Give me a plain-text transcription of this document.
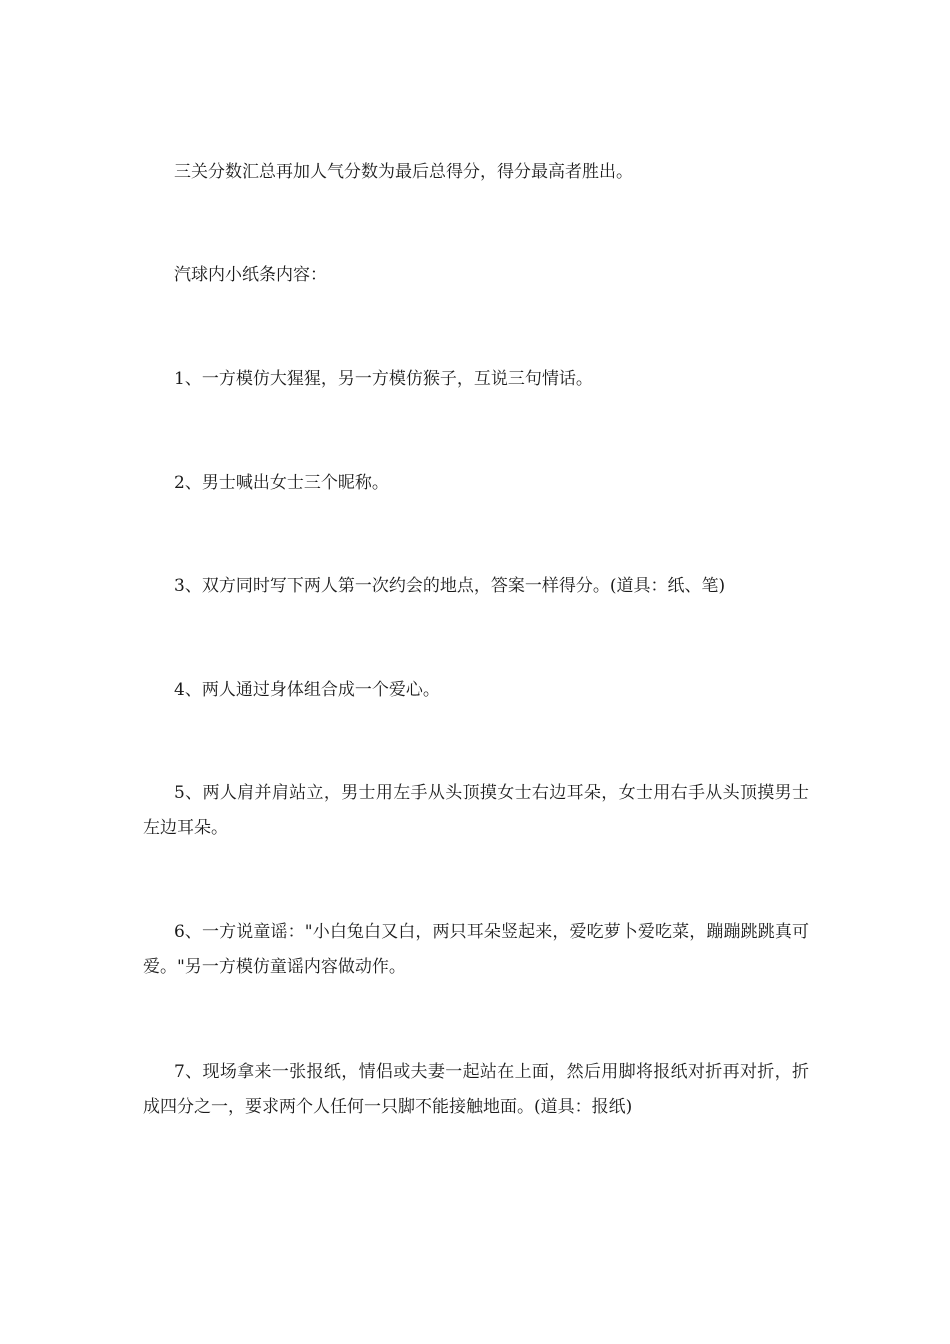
三关分数汇总再加人气分数为最后总得分，得分最高者胜出。

汽球内小纸条内容：

1、一方模仿大猩猩，另一方模仿猴子，互说三句情话。

2、男士喊出女士三个昵称。

3、双方同时写下两人第一次约会的地点，答案一样得分。(道具：纸、笔)

4、两人通过身体组合成一个爱心。

5、两人肩并肩站立，男士用左手从头顶摸女士右边耳朵，女士用右手从头顶摸男士左边耳朵。

6、一方说童谣："小白兔白又白，两只耳朵竖起来，爱吃萝卜爱吃菜，蹦蹦跳跳真可爱。"另一方模仿童谣内容做动作。

7、现场拿来一张报纸，情侣或夫妻一起站在上面，然后用脚将报纸对折再对折，折成四分之一，要求两个人任何一只脚不能接触地面。(道具：报纸)
